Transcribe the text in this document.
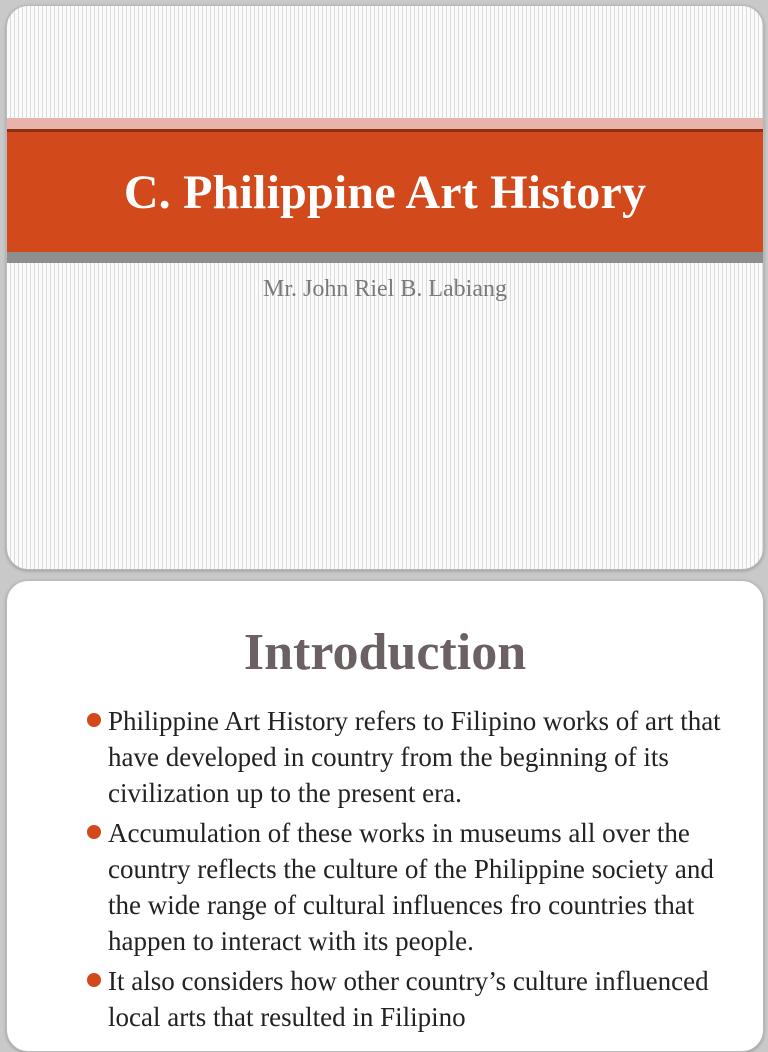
C. Philippine Art History
Mr. John Riel B. Labiang
Introduction
Philippine Art History refers to Filipino works of art that have developed in country from the beginning of its civilization up to the present era.
Accumulation of these works in museums all over the country reflects the culture of the Philippine society and the wide range of cultural influences fro countries that happen to interact with its people.
It also considers how other country’s culture influenced local arts that resulted in Filipino
